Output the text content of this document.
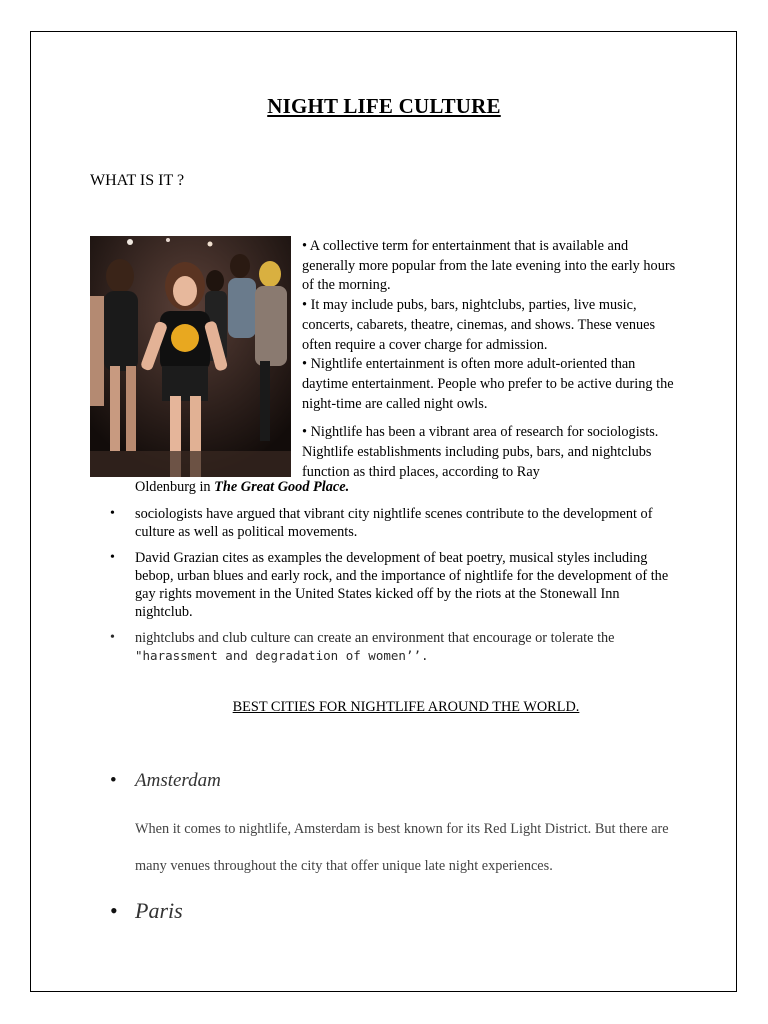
NIGHT LIFE CULTURE
WHAT IS IT ?

• A collective term for entertainment that is available and generally more popular from the late evening into the early hours of the morning.

• It may include pubs, bars, nightclubs, parties, live music, concerts, cabarets, theatre, cinemas, and shows. These venues often require a cover charge for admission.

• Nightlife entertainment is often more adult-oriented than daytime entertainment. People who prefer to be active during the night-time are called night owls.

• Nightlife has been a vibrant area of research for sociologists. Nightlife establishments including pubs, bars, and nightclubs function as third places, according to Ray

Oldenburg in The Great Good Place.
• sociologists have argued that vibrant city nightlife scenes contribute to the development of culture as well as political movements.
• David Grazian cites as examples the development of beat poetry, musical styles including bebop, urban blues and early rock, and the importance of nightlife for the development of the gay rights movement in the United States kicked off by the riots at the Stonewall Inn nightclub.
• nightclubs and club culture can create an environment that encourage or tolerate the
"harassment and degradation of women’’.
BEST CITIES FOR NIGHTLIFE AROUND THE WORLD.
• Amsterdam
When it comes to nightlife, Amsterdam is best known for its Red Light District. But there are many venues throughout the city that offer unique late night experiences.
• Paris
